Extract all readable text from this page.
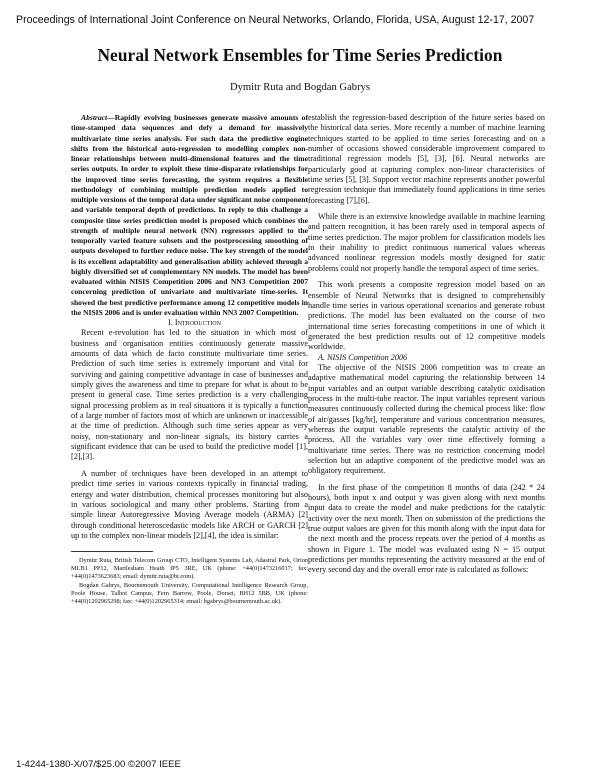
Proceedings of International Joint Conference on Neural Networks, Orlando, Florida, USA, August 12-17, 2007
Neural Network Ensembles for Time Series Prediction
Dymitr Ruta and Bogdan Gabrys

Abstract—Rapidly evolving businesses generate massive amounts of time-stamped data sequences and defy a demand for massively multivariate time series analysis. For such data the predictive engine shifts from the historical auto-regression to modelling complex non-linear relationships between multi-dimensional features and the time series outputs. In order to exploit these time-disparate relationships for the improved time series forecasting, the system requires a flexible methodology of combining multiple prediction models applied to multiple versions of the temporal data under significant noise component and variable temporal depth of predictions. In reply to this challenge a composite time series prediction model is proposed which combines the strength of multiple neural network (NN) regressors applied to the temporally varied feature subsets and the postprocessing smoothing of outputs developed to further reduce noise. The key strength of the model is its excellent adaptability and generalisation ability achieved through a highly diversified set of complementary NN models. The model has been evaluated within NISIS Competition 2006 and NN3 Competition 2007 concerning prediction of univariate and multivariate time-series. It showed the best predictive performance among 12 competitive models in the NISIS 2006 and is under evaluation within NN3 2007 Competition.

I. Introduction

Recent e-revolution has led to the situation in which most of business and organisation entities continuously generate massive amounts of data which de facto constitute multivariate time series. Prediction of such time series is extremely important and vital for surviving and gaining competitive advantage in case of businesses and simply gives the awareness and time to prepare for what is about to be present in general case. Time series prediction is a very challenging signal processing problem as in real situations it is typically a function of a large number of factors most of which are unknown or inaccessible at the time of prediction. Although such time series appear as very noisy, non-stationary and non-linear signals, its history carries a significant evidence that can be used to build the predictive model [1],[2],[3].

A number of techniques have been developed in an attempt to predict time series in various contexts typically in financial trading, energy and water distribution, chemical processes monitoring but also in various sociological and many other problems. Starting from a simple linear Autoregressive Moving Average models (ARMA) [2] through conditional heteroscedastic models like ARCH or GARCH [2] up to the complex non-linear models [2],[4], the idea is similar:

Dymitr Ruta, British Telecom Group CTO, Intelligent Systems Lab, Adastral Park, Orion MLB1 PP12, Martlesham Heath IP5 3RE, UK (phone: +44(0)1473216017; fax: +44(0)1473623683; email: dymitr.ruta@bt.com).

Bogdan Gabrys, Bournemouth University, Computational Intelligence Research Group, Poole House, Talbot Campus, Fern Barrow, Poole, Dorset, BH12 5BB, UK (phone: +44(0)1202965298; fax: +44(0)1202965314; email: bgabrys@bournemouth.ac.uk).

establish the regression-based description of the future series based on the historical data series. More recently a number of machine learning techniques started to be applied to time series forecasting and on a number of occasions showed considerable improvement compared to traditional regression models [5], [3], [6]. Neural networks are particularly good at capturing complex non-linear characteristics of time series [5], [3]. Support vector machine represents another powerful regression technique that immediately found applications in time series forecasting [7],[6].

While there is an extensive knowledge available in machine learning and pattern recognition, it has been rarely used in temporal aspects of time series prediction. The major problem for classification models lies in their inability to predict continuous numerical values whereas advanced nonlinear regression models mostly designed for static problems could not properly handle the temporal aspect of time series.

This work presents a composite regression model based on an ensemble of Neural Networks that is designed to comprehensibly handle time series in various operational scenarios and generate robust predictions. The model has been evaluated on the course of two international time series forecasting competitions in one of which it generated the best prediction results out of 12 competitive models worldwide.

A. NISIS Competition 2006

The objective of the NISIS 2006 competition was to create an adaptive mathematical model capturing the relationship between 14 input variables and an output variable describing catalytic oxidisation process in the multi-tube reactor. The input variables represent various measures continuously collected during the chemical process like: flow of air/gasses [kg/hr], temperature and various concentration measures, whereas the output variable represents the catalytic activity of the process. All the variables vary over time effectively forming a multivariate time series. There was no restriction concerning model selection but an adaptive component of the predictive model was an obligatory requirement.

In the first phase of the competition 8 months of data (242 * 24 hours), both input x and output y was given along with next months input data to create the model and make predictions for the catalytic activity over the next month. Then on submission of the predictions the true output values are given for this month along with the input data for the next month and the process repeats over the period of 4 months as shown in Figure 1. The model was evaluated using N = 15 output predictions per months representing the activity measured at the end of every second day and the overall error rate is calculated as follows:

1-4244-1380-X/07/$25.00 ©2007 IEEE
